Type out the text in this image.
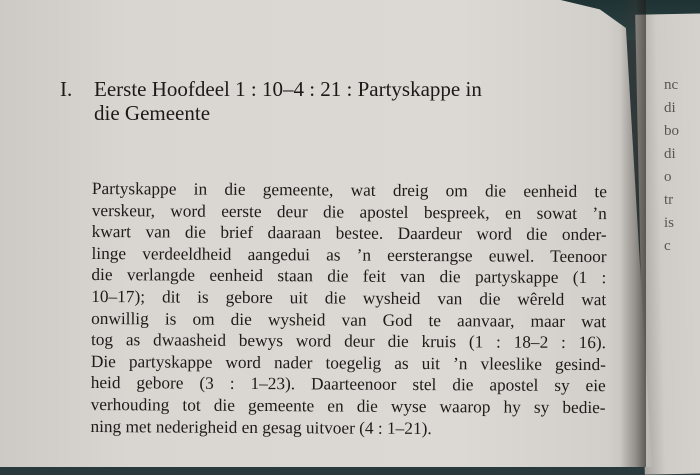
nc
di
bo
di
o
tr
is
c
I. Eerste Hoofdeel 1 : 10–4 : 21 : Partyskappe in
die Gemeente
Partyskappe in die gemeente, wat dreig om die eenheid te
verskeur, word eerste deur die apostel bespreek, en sowat ’n
kwart van die brief daaraan bestee. Daardeur word die onder-
linge verdeeldheid aangedui as ’n eersterangse euwel. Teenoor
die verlangde eenheid staan die feit van die partyskappe (1 :
10–17); dit is gebore uit die wysheid van die wêreld wat
onwillig is om die wysheid van God te aanvaar, maar wat
tog as dwaasheid bewys word deur die kruis (1 : 18–2 : 16).
Die partyskappe word nader toegelig as uit ’n vleeslike gesind-
heid gebore (3 : 1–23). Daarteenoor stel die apostel sy eie
verhouding tot die gemeente en die wyse waarop hy sy bedie-
ning met nederigheid en gesag uitvoer (4 : 1–21).
